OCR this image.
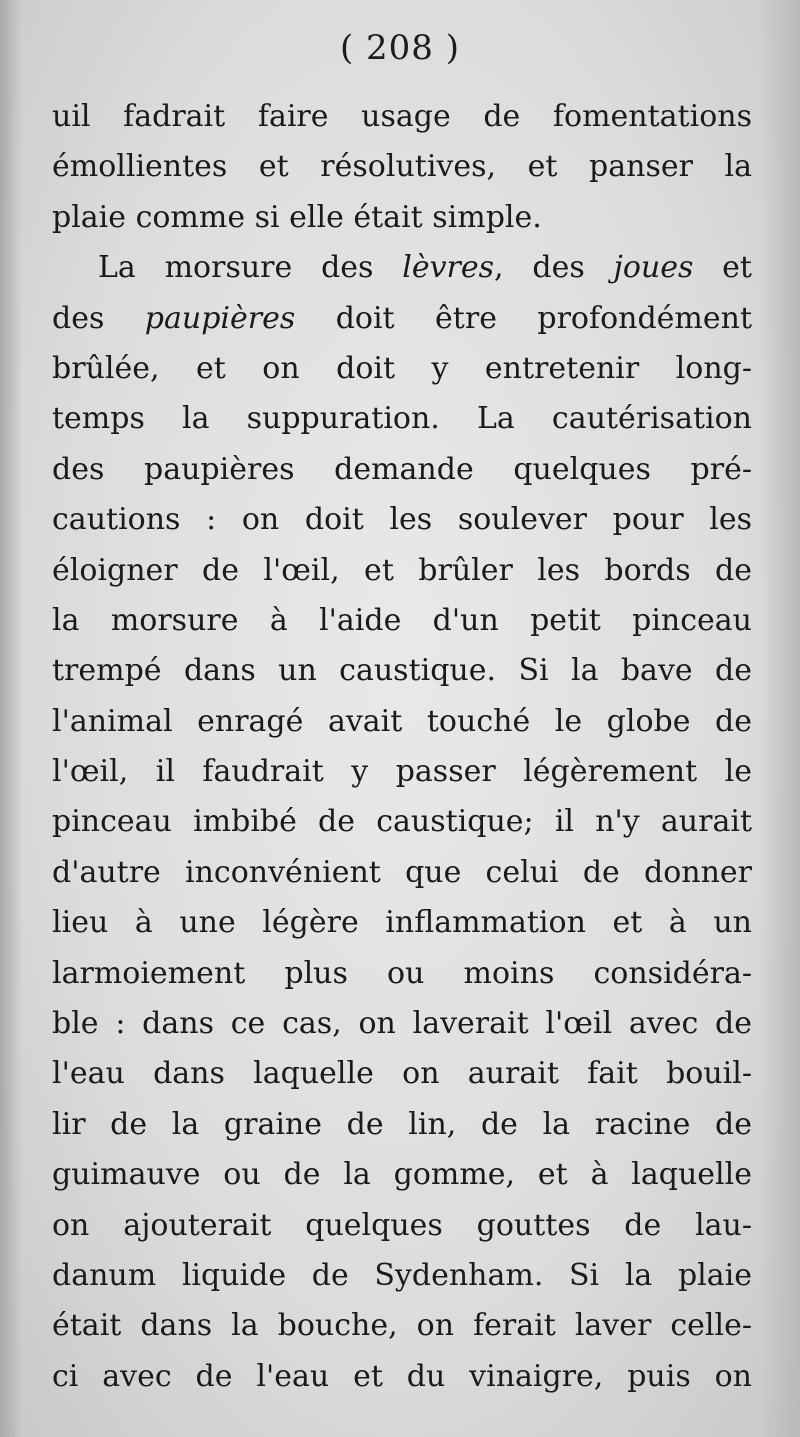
( 208 )
uil fadrait faire usage de fomentations
émollientes et résolutives, et panser la
plaie comme si elle était simple.
La morsure des lèvres, des joues et
des paupières doit être profondément
brûlée, et on doit y entretenir long-
temps la suppuration. La cautérisation
des paupières demande quelques pré-
cautions : on doit les soulever pour les
éloigner de l'œil, et brûler les bords de
la morsure à l'aide d'un petit pinceau
trempé dans un caustique. Si la bave de
l'animal enragé avait touché le globe de
l'œil, il faudrait y passer légèrement le
pinceau imbibé de caustique; il n'y aurait
d'autre inconvénient que celui de donner
lieu à une légère inflammation et à un
larmoiement plus ou moins considéra-
ble : dans ce cas, on laverait l'œil avec de
l'eau dans laquelle on aurait fait bouil-
lir de la graine de lin, de la racine de
guimauve ou de la gomme, et à laquelle
on ajouterait quelques gouttes de lau-
danum liquide de Sydenham. Si la plaie
était dans la bouche, on ferait laver celle-
ci avec de l'eau et du vinaigre, puis on
